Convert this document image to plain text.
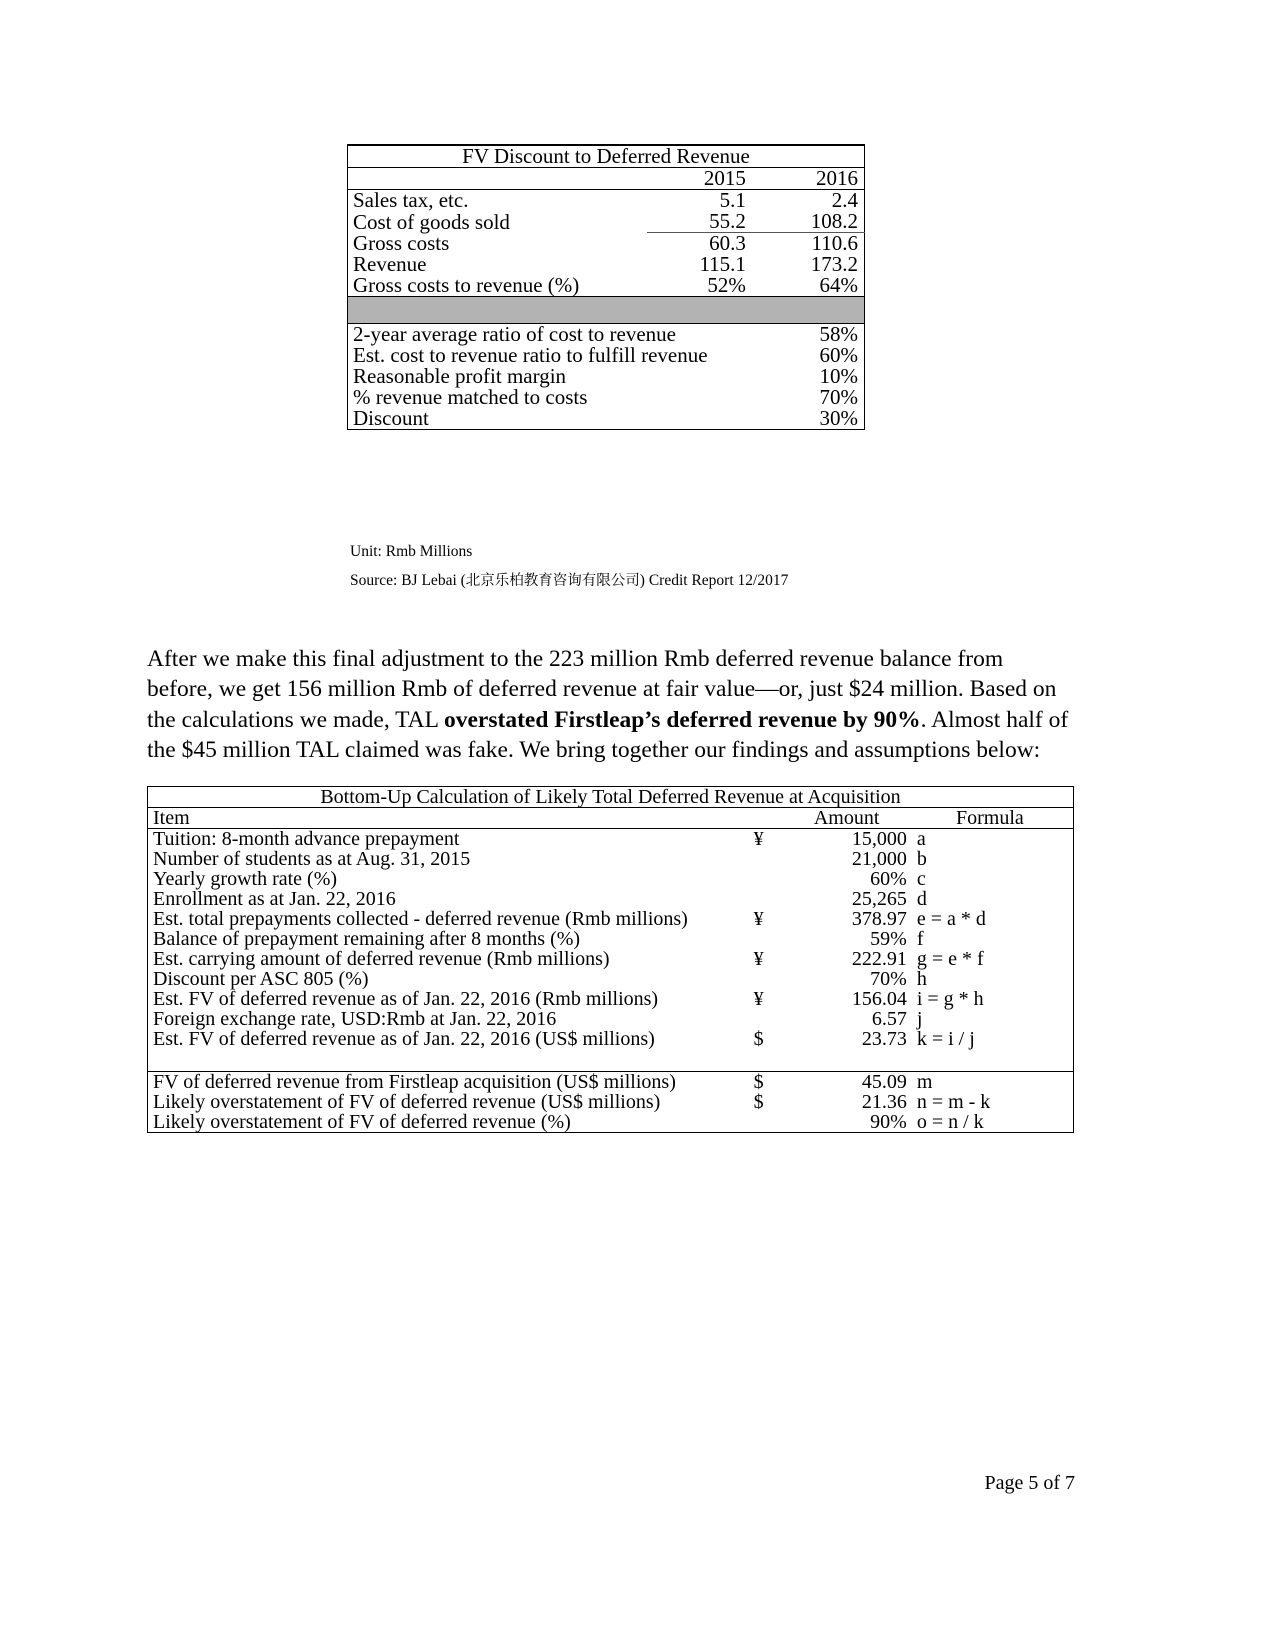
FV Discount to Deferred Revenue		
	2015	2016
Sales tax, etc.	5.1	2.4
Cost of goods sold	55.2	108.2
Gross costs	60.3	110.6
Revenue	115.1	173.2
Gross costs to revenue (%)	52%	64%

2-year average ratio of cost to revenue		58%
Est. cost to revenue ratio to fulfill revenue		60%
Reasonable profit margin		10%
% revenue matched to costs		70%
Discount		30%
Unit: Rmb Millions
Source: BJ Lebai (北京乐柏教育咨询有限公司) Credit Report 12/2017

After we make this final adjustment to the 223 million Rmb deferred revenue balance from before, we get 156 million Rmb of deferred revenue at fair value—or, just $24 million. Based on the calculations we made, TAL overstated Firstleap’s deferred revenue by 90%. Almost half of the $45 million TAL claimed was fake. We bring together our findings and assumptions below:

Bottom-Up Calculation of Likely Total Deferred Revenue at Acquisition			
Item		Amount	Formula
Tuition: 8-month advance prepayment	¥	15,000	a
Number of students as at Aug. 31, 2015		21,000	b
Yearly growth rate (%)		60%	c
Enrollment as at Jan. 22, 2016		25,265	d
Est. total prepayments collected - deferred revenue (Rmb millions)	¥	378.97	e = a * d
Balance of prepayment remaining after 8 months (%)		59%	f
Est. carrying amount of deferred revenue (Rmb millions)	¥	222.91	g = e * f
Discount per ASC 805 (%)		70%	h
Est. FV of deferred revenue as of Jan. 22, 2016 (Rmb millions)	¥	156.04	i = g * h
Foreign exchange rate, USD:Rmb at Jan. 22, 2016		6.57	j
Est. FV of deferred revenue as of Jan. 22, 2016 (US$ millions)	$	23.73	k = i / j

FV of deferred revenue from Firstleap acquisition (US$ millions)	$	45.09	m
Likely overstatement of FV of deferred revenue (US$ millions)	$	21.36	n = m - k
Likely overstatement of FV of deferred revenue (%)		90%	o = n / k
Page 5 of 7
